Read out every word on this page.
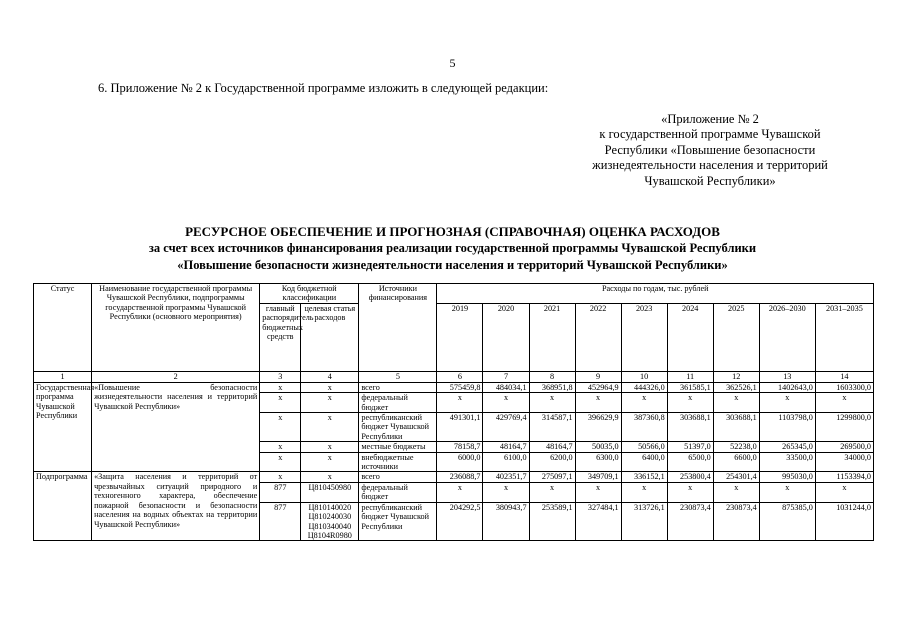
5
6. Приложение № 2 к Государственной программе изложить в следующей редакции:
«Приложение № 2
к государственной программе Чувашской
Республики «Повышение безопасности
жизнедеятельности населения и территорий
Чувашской Республики»
РЕСУРСНОЕ ОБЕСПЕЧЕНИЕ И ПРОГНОЗНАЯ (СПРАВОЧНАЯ) ОЦЕНКА РАСХОДОВ
за счет всех источников финансирования реализации государственной программы Чувашской Республики
«Повышение безопасности жизнедеятельности населения и территорий Чувашской Республики»
Статус	Наименование государственной программы Чувашской Республики, подпрограммы государственной программы Чувашской Республики (основного мероприятия)	Код бюджетной классификации		Источники финансирования	Расходы по годам, тыс. рублей								
		главный распорядитель бюджетных средств	целевая статья расходов		2019	2020	2021	2022	2023	2024	2025	2026–2030	2031–2035
1	2	3	4	5	6	7	8	9	10	11	12	13	14
Государственная программа Чувашской Республики	«Повышение безопасности жизнедеятельности населения и территорий Чувашской Республики»	x	x	всего	575459,8	484034,1	368951,8	452964,9	444326,0	361585,1	362526,1	1402643,0	1603300,0
		x	x	федеральный бюджет	x	x	x	x	x	x	x	x	x
		x	x	республиканский бюджет Чувашской Республики	491301,1	429769,4	314587,1	396629,9	387360,8	303688,1	303688,1	1103798,0	1299800,0
		x	x	местные бюджеты	78158,7	48164,7	48164,7	50035,0	50566,0	51397,0	52238,0	265345,0	269500,0
		x	x	внебюджетные источники	6000,0	6100,0	6200,0	6300,0	6400,0	6500,0	6600,0	33500,0	34000,0
Подпрограмма	«Защита населения и территорий от чрезвычайных ситуаций природного и техногенного характера, обеспечение пожарной безопасности и безопасности населения на водных объектах на территории Чувашской Республики»	x	x	всего	236088,7	402351,7	275097,1	349709,1	336152,1	253800,4	254301,4	995030,0	1153394,0
		877	Ц810450980	федеральный бюджет	x	x	x	x	x	x	x	x	x
		877	Ц810140020 Ц810240030 Ц810340040 Ц8104R0980	республиканский бюджет Чувашской Республики	204292,5	380943,7	253589,1	327484,1	313726,1	230873,4	230873,4	875385,0	1031244,0
